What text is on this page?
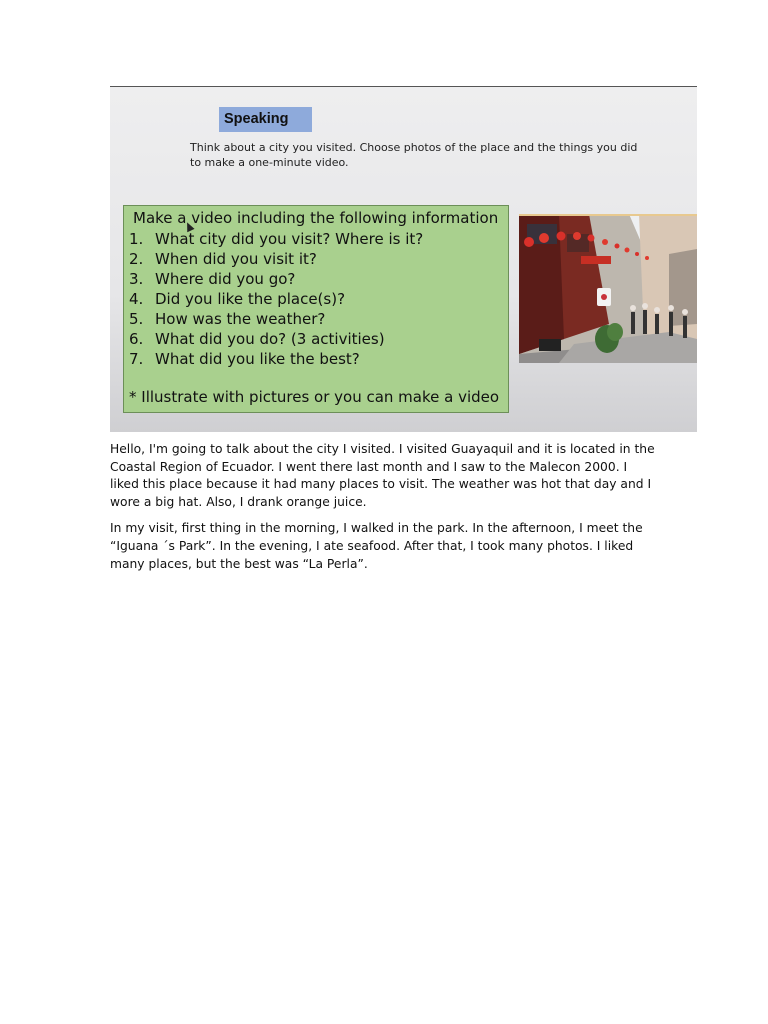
Speaking
Think about a city you visited. Choose photos of the place and the things you did to make a one-minute video.
Make a video including the following information
1. What city did you visit? Where is it?
2. When did you visit it?
3. Where did you go?
4. Did you like the place(s)?
5. How was the weather?
6. What did you do? (3 activities)
7. What did you like the best?
* Illustrate with pictures or you can make a video

Hello, I'm going to talk about the city I visited. I visited Guayaquil and it is located in the Coastal Region of Ecuador. I went there last month and I saw to the Malecon 2000. I liked this place because it had many places to visit. The weather was hot that day and I wore a big hat. Also, I drank orange juice.

In my visit, first thing in the morning, I walked in the park. In the afternoon, I meet the “Iguana ´s Park”. In the evening, I ate seafood. After that, I took many photos. I liked many places, but the best was “La Perla”.
